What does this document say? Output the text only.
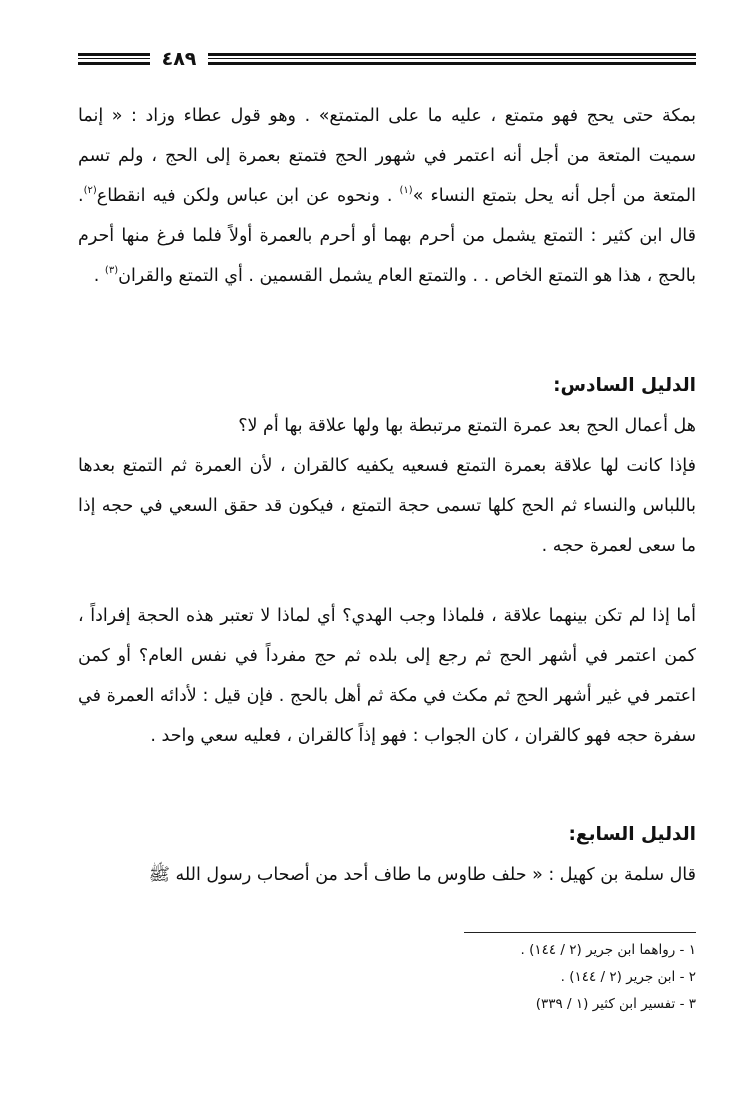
٤٨٩

بمكة حتى يحج فهو متمتع ، عليه ما على المتمتع» . وهو قول عطاء وزاد : « إنما سميت المتعة من أجل أنه اعتمر في شهور الحج فتمتع بعمرة إلى الحج ، ولم تسم المتعة من أجل أنه يحل بتمتع النساء »$^{(١)}$ . ونحوه عن ابن عباس ولكن فيه انقطاع$^{(٢)}$. قال ابن كثير : التمتع يشمل من أحرم بهما أو أحرم بالعمرة أولاً فلما فرغ منها أحرم بالحج ، هذا هو التمتع الخاص . . والتمتع العام يشمل القسمين . أي التمتع والقران$^{(٣)}$ .

الدليل السادس:

هل أعمال الحج بعد عمرة التمتع مرتبطة بها ولها علاقة بها أم لا؟

فإذا كانت لها علاقة بعمرة التمتع فسعيه يكفيه كالقران ، لأن العمرة ثم التمتع بعدها باللباس والنساء ثم الحج كلها تسمى حجة التمتع ، فيكون قد حقق السعي في حجه إذا ما سعى لعمرة حجه .

أما إذا لم تكن بينهما علاقة ، فلماذا وجب الهدي؟ أي لماذا لا تعتبر هذه الحجة إفراداً ، كمن اعتمر في أشهر الحج ثم رجع إلى بلده ثم حج مفرداً في نفس العام؟ أو كمن اعتمر في غير أشهر الحج ثم مكث في مكة ثم أهل بالحج . فإن قيل : لأدائه العمرة في سفرة حجه فهو كالقران ، كان الجواب : فهو إذاً كالقران ، فعليه سعي واحد .

الدليل السابع:

قال سلمة بن كهيل : « حلف طاوس ما طاف أحد من أصحاب رسول الله ﷺ

١ - رواهما ابن جرير (٢ / ١٤٤) .

٢ - ابن جرير (٢ / ١٤٤) .

٣ - تفسير ابن كثير (١ / ٣٣٩)
